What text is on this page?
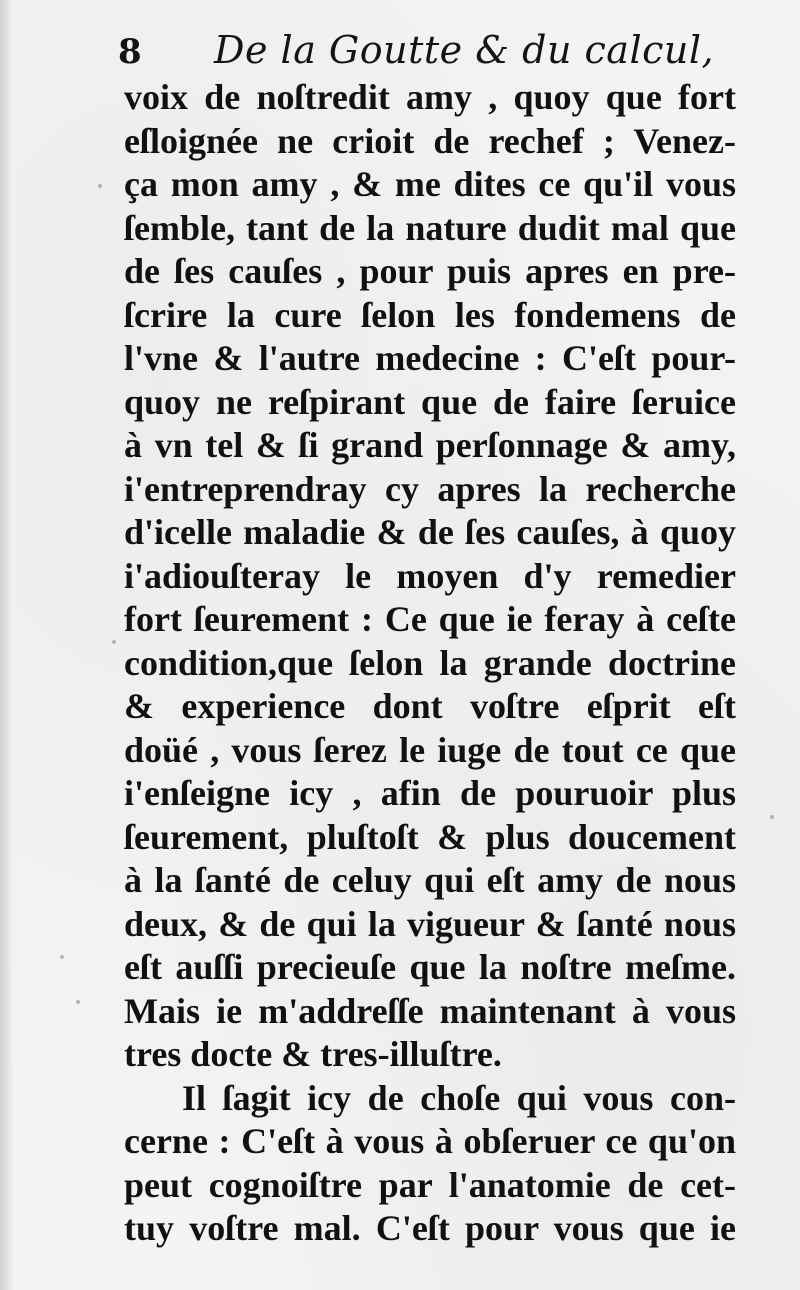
8 De la Goutte & du calcul,
voix de noſtredit amy , quoy que fort
eſloignée ne crioit de rechef ; Venez-
ça mon amy , & me dites ce qu'il vous
ſemble, tant de la nature dudit mal que
de ſes cauſes , pour puis apres en pre-
ſcrire la cure ſelon les fondemens de
l'vne & l'autre medecine : C'eſt pour-
quoy ne reſpirant que de faire ſeruice
à vn tel & ſi grand perſonnage & amy,
i'entreprendray cy apres la recherche
d'icelle maladie & de ſes cauſes, à quoy
i'adiouſteray le moyen d'y remedier
fort ſeurement : Ce que ie feray à ceſte
condition,que ſelon la grande doctrine
& experience dont voſtre eſprit eſt
doüé , vous ſerez le iuge de tout ce que
i'enſeigne icy , afin de pouruoir plus
ſeurement, pluſtoſt & plus doucement
à la ſanté de celuy qui eſt amy de nous
deux, & de qui la vigueur & ſanté nous
eſt auſſi precieuſe que la noſtre meſme.
Mais ie m'addreſſe maintenant à vous
tres docte & tres-illuſtre.
Il ſagit icy de choſe qui vous con-
cerne : C'eſt à vous à obſeruer ce qu'on
peut cognoiſtre par l'anatomie de cet-
tuy voſtre mal. C'eſt pour vous que ie
